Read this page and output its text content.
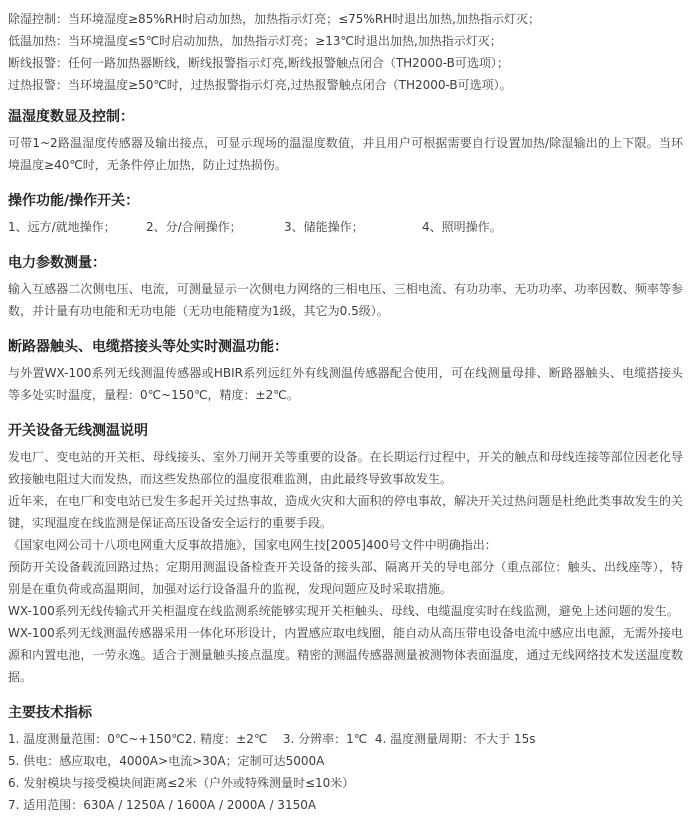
除湿控制：当环境湿度≥85%RH时启动加热，加热指示灯亮；≤75%RH时退出加热,加热指示灯灭；

低温加热：当环境温度≤5℃时启动加热，加热指示灯亮；≥13℃时退出加热,加热指示灯灭；

断线报警：任何一路加热器断线，断线报警指示灯亮,断线报警触点闭合（TH2000-B可选项）；

过热报警：当环境温度≥50℃时，过热报警指示灯亮,过热报警触点闭合（TH2000-B可选项）。

温湿度数显及控制：

可带1~2路温湿度传感器及输出接点，可显示现场的温湿度数值，并且用户可根据需要自行设置加热/除湿输出的上下限。当环境温度≥40℃时，无条件停止加热，防止过热损伤。

操作功能/操作开关：
1、远方/就地操作；	2、分/合闸操作；	3、储能操作；	4、照明操作。
电力参数测量：

输入互感器二次侧电压、电流，可测量显示一次侧电力网络的三相电压、三相电流、有功功率、无功功率、功率因数、频率等参数，并计量有功电能和无功电能（无功电能精度为1级，其它为0.5级）。

断路器触头、电缆搭接头等处实时测温功能：

与外置WX-100系列无线测温传感器或HBIR系列远红外有线测温传感器配合使用，可在线测量母排、断路器触头、电缆搭接头等多处实时温度，量程：0℃~150℃，精度：±2℃。

开关设备无线测温说明

发电厂、变电站的开关柜、母线接头、室外刀闸开关等重要的设备。在长期运行过程中，开关的触点和母线连接等部位因老化导致接触电阻过大而发热，而这些发热部位的温度很难监测，由此最终导致事故发生。

近年来，在电厂和变电站已发生多起开关过热事故，造成火灾和大面积的停电事故，解决开关过热问题是杜绝此类事故发生的关键，实现温度在线监测是保证高压设备安全运行的重要手段。

《国家电网公司十八项电网重大反事故措施》，国家电网生技[2005]400号文件中明确指出：

预防开关设备载流回路过热；定期用测温设备检查开关设备的接头部、隔离开关的导电部分（重点部位：触头、出线座等），特别是在重负荷或高温期间，加强对运行设备温升的监视，发现问题应及时采取措施。

WX-100系列无线传输式开关柜温度在线监测系统能够实现开关柜触头、母线、电缆温度实时在线监测，避免上述问题的发生。

WX-100系列无线测温传感器采用一体化环形设计，内置感应取电线圈，能自动从高压带电设备电流中感应出电源，无需外接电源和内置电池，一劳永逸。适合于测量触头接点温度。精密的测温传感器测量被测物体表面温度，通过无线网络技术发送温度数据。

主要技术指标
1. 温度测量范围：0℃~+150℃ 2. 精度：±2℃	3. 分辨率：1℃ 4. 温度测量周期：不大于 15s

5. 供电：感应取电，4000A>电流>30A；定制可达5000A

6. 发射模块与接受模块间距离≤2米（户外或特殊测量时≤10米）

7. 适用范围：630A / 1250A / 1600A / 2000A / 3150A
